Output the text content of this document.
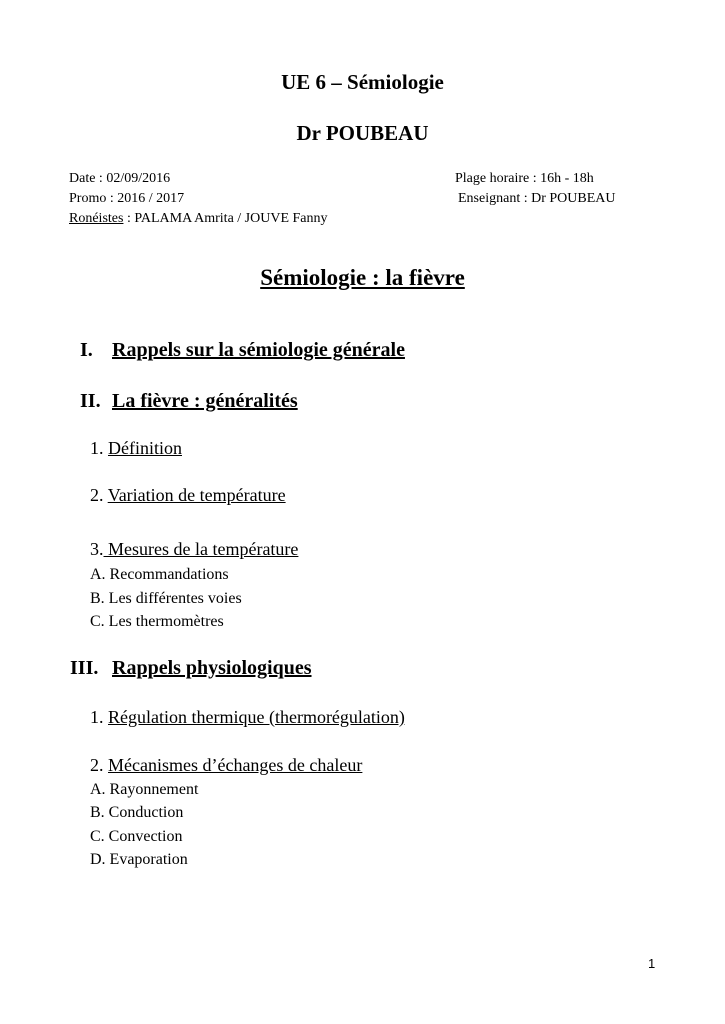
UE 6 – Sémiologie
Dr POUBEAU
Date : 02/09/2016
Promo : 2016 / 2017
Ronéistes : PALAMA Amrita / JOUVE Fanny
Plage horaire : 16h - 18h
Enseignant : Dr POUBEAU
Sémiologie : la fièvre
I. Rappels sur la sémiologie générale
II. La fièvre : généralités
1. Définition
2. Variation de température
3. Mesures de la température
A. Recommandations
B. Les différentes voies
C. Les thermomètres
III. Rappels physiologiques
1. Régulation thermique (thermorégulation)
2. Mécanismes d’échanges de chaleur
A. Rayonnement
B. Conduction
C. Convection
D. Evaporation
1
